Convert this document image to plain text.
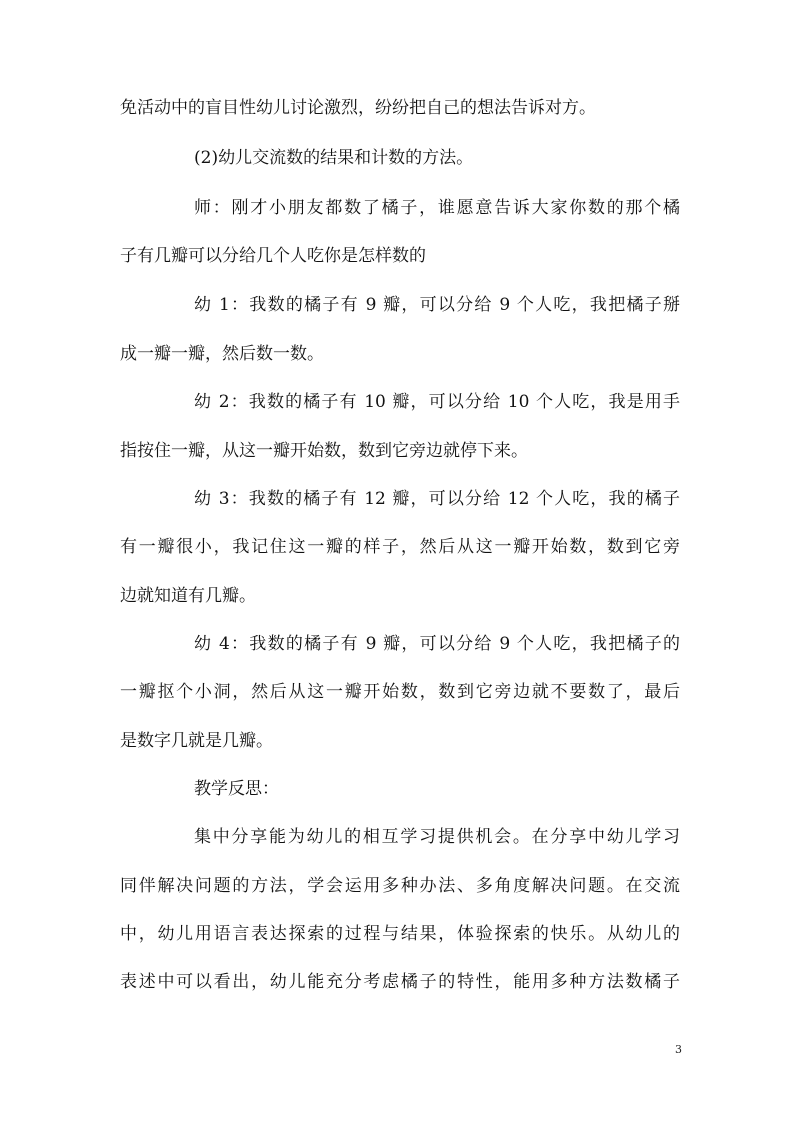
免活动中的盲目性幼儿讨论激烈，纷纷把自己的想法告诉对方。
(2)幼儿交流数的结果和计数的方法。
师：刚才小朋友都数了橘子，谁愿意告诉大家你数的那个橘
子有几瓣可以分给几个人吃你是怎样数的
幼 1：我数的橘子有 9 瓣，可以分给 9 个人吃，我把橘子掰
成一瓣一瓣，然后数一数。
幼 2：我数的橘子有 10 瓣，可以分给 10 个人吃，我是用手
指按住一瓣，从这一瓣开始数，数到它旁边就停下来。
幼 3：我数的橘子有 12 瓣，可以分给 12 个人吃，我的橘子
有一瓣很小，我记住这一瓣的样子，然后从这一瓣开始数，数到它旁
边就知道有几瓣。
幼 4：我数的橘子有 9 瓣，可以分给 9 个人吃，我把橘子的
一瓣抠个小洞，然后从这一瓣开始数，数到它旁边就不要数了，最后
是数字几就是几瓣。
教学反思：
集中分享能为幼儿的相互学习提供机会。在分享中幼儿学习
同伴解决问题的方法，学会运用多种办法、多角度解决问题。在交流
中，幼儿用语言表达探索的过程与结果，体验探索的快乐。从幼儿的
表述中可以看出，幼儿能充分考虑橘子的特性，能用多种方法数橘子
3
